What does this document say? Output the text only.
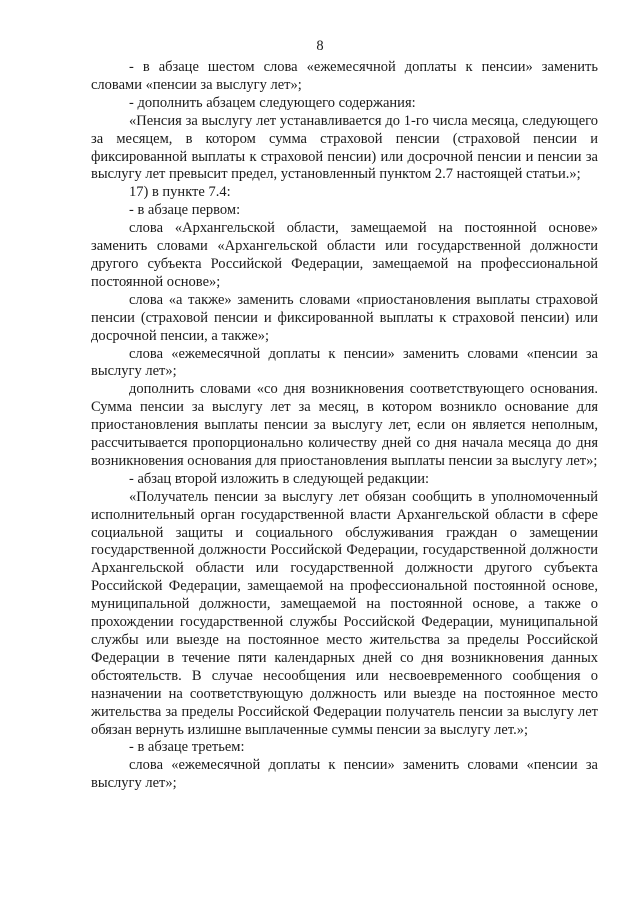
8

- в абзаце шестом слова «ежемесячной доплаты к пенсии» заменить словами «пенсии за выслугу лет»;

- дополнить абзацем следующего содержания:

«Пенсия за выслугу лет устанавливается до 1-го числа месяца, следующего за месяцем, в котором сумма страховой пенсии (страховой пенсии и фиксированной выплаты к страховой пенсии) или досрочной пенсии и пенсии за выслугу лет превысит предел, установленный пунктом 2.7 настоящей статьи.»;

17) в пункте 7.4:

- в абзаце первом:

слова «Архангельской области, замещаемой на постоянной основе» заменить словами «Архангельской области или государственной должности другого субъекта Российской Федерации, замещаемой на профессиональной постоянной основе»;

слова «а также» заменить словами «приостановления выплаты страховой пенсии (страховой пенсии и фиксированной выплаты к страховой пенсии) или досрочной пенсии, а также»;

слова «ежемесячной доплаты к пенсии» заменить словами «пенсии за выслугу лет»;

дополнить словами «со дня возникновения соответствующего основания. Сумма пенсии за выслугу лет за месяц, в котором возникло основание для приостановления выплаты пенсии за выслугу лет, если он является неполным, рассчитывается пропорционально количеству дней со дня начала месяца до дня возникновения основания для приостановления выплаты пенсии за выслугу лет»;

- абзац второй изложить в следующей редакции:

«Получатель пенсии за выслугу лет обязан сообщить в уполномоченный исполнительный орган государственной власти Архангельской области в сфере социальной защиты и социального обслуживания граждан о замещении государственной должности Российской Федерации, государственной должности Архангельской области или государственной должности другого субъекта Российской Федерации, замещаемой на профессиональной постоянной основе, муниципальной должности, замещаемой на постоянной основе, а также о прохождении государственной службы Российской Федерации, муниципальной службы или выезде на постоянное место жительства за пределы Российской Федерации в течение пяти календарных дней со дня возникновения данных обстоятельств. В случае несообщения или несвоевременного сообщения о назначении на соответствующую должность или выезде на постоянное место жительства за пределы Российской Федерации получатель пенсии за выслугу лет обязан вернуть излишне выплаченные суммы пенсии за выслугу лет.»;

- в абзаце третьем:

слова «ежемесячной доплаты к пенсии» заменить словами «пенсии за выслугу лет»;
